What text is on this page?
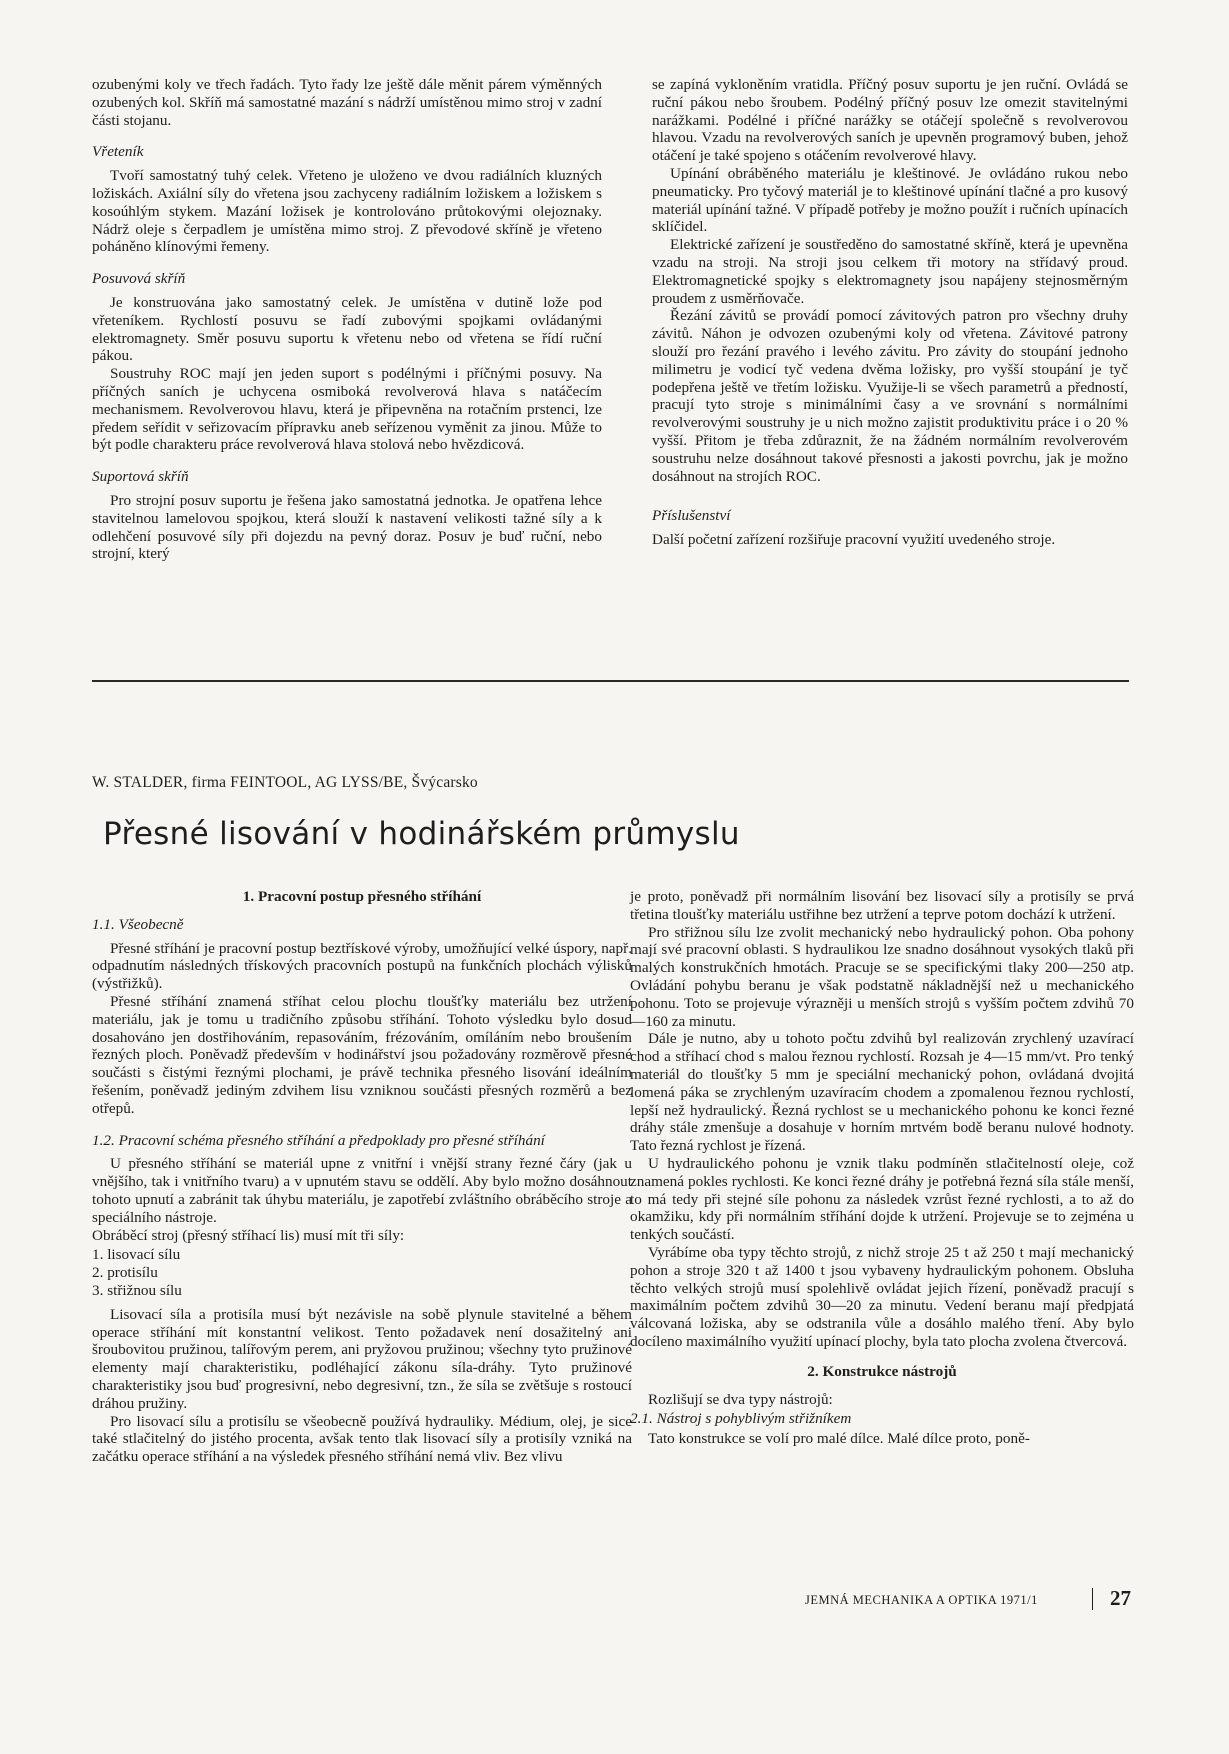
ozubenými koly ve třech řadách. Tyto řady lze ještě dále měnit párem výměnných ozubených kol. Skříň má samostatné mazání s nádrží umístěnou mimo stroj v zadní části stojanu.

Vřeteník

Tvoří samostatný tuhý celek. Vřeteno je uloženo ve dvou radiálních kluzných ložiskách. Axiální síly do vřetena jsou zachyceny radiálním ložiskem a ložiskem s kosoúhlým stykem. Mazání ložisek je kontrolováno průtokovými olejoznaky. Nádrž oleje s čerpadlem je umístěna mimo stroj. Z převodové skříně je vřeteno poháněno klínovými řemeny.

Posuvová skříň

Je konstruována jako samostatný celek. Je umístěna v dutině lože pod vřeteníkem. Rychlostí posuvu se řadí zubovými spojkami ovládanými elektromagnety. Směr posuvu suportu k vřetenu nebo od vřetena se řídí ruční pákou.

Soustruhy ROC mají jen jeden suport s podélnými i příčnými posuvy. Na příčných saních je uchycena osmiboká revolverová hlava s natáčecím mechanismem. Revolverovou hlavu, která je připevněna na rotačním prstenci, lze předem seřídit v seřizovacím přípravku aneb seřízenou vyměnit za jinou. Může to být podle charakteru práce revolverová hlava stolová nebo hvězdicová.

Suportová skříň

Pro strojní posuv suportu je řešena jako samostatná jednotka. Je opatřena lehce stavitelnou lamelovou spojkou, která slouží k nastavení velikosti tažné síly a k odlehčení posuvové síly při dojezdu na pevný doraz. Posuv je buď ruční, nebo strojní, který

se zapíná vykloněním vratidla. Příčný posuv suportu je jen ruční. Ovládá se ruční pákou nebo šroubem. Podélný příčný posuv lze omezit stavitelnými narážkami. Podélné i příčné narážky se otáčejí společně s revolverovou hlavou. Vzadu na revolverových saních je upevněn programový buben, jehož otáčení je také spojeno s otáčením revolverové hlavy.

Upínání obráběného materiálu je kleštinové. Je ovládáno rukou nebo pneumaticky. Pro tyčový materiál je to kleštinové upínání tlačné a pro kusový materiál upínání tažné. V případě potřeby je možno použít i ručních upínacích sklíčidel.

Elektrické zařízení je soustředěno do samostatné skříně, která je upevněna vzadu na stroji. Na stroji jsou celkem tři motory na střídavý proud. Elektromagnetické spojky s elektromagnety jsou napájeny stejnosměrným proudem z usměrňovače.

Řezání závitů se provádí pomocí závitových patron pro všechny druhy závitů. Náhon je odvozen ozubenými koly od vřetena. Závitové patrony slouží pro řezání pravého i levého závitu. Pro závity do stoupání jednoho milimetru je vodicí tyč vedena dvěma ložisky, pro vyšší stoupání je tyč podepřena ještě ve třetím ložisku. Využije-li se všech parametrů a předností, pracují tyto stroje s minimálními časy a ve srovnání s normálními revolverovými soustruhy je u nich možno zajistit produktivitu práce i o 20 % vyšší. Přitom je třeba zdůraznit, že na žádném normálním revolverovém soustruhu nelze dosáhnout takové přesnosti a jakosti povrchu, jak je možno dosáhnout na strojích ROC.

Příslušenství

Další početní zařízení rozšiřuje pracovní využití uvedeného stroje.

W. STALDER, firma FEINTOOL, AG LYSS/BE, Švýcarsko
Přesné lisování v hodinářském průmyslu
1. Pracovní postup přesného stříhání
1.1. Všeobecně

Přesné stříhání je pracovní postup beztřískové výroby, umožňující velké úspory, např. odpadnutím následných třískových pracovních postupů na funkčních plochách výlisků (výstřižků).

Přesné stříhání znamená stříhat celou plochu tloušťky materiálu bez utržení materiálu, jak je tomu u tradičního způsobu stříhání. Tohoto výsledku bylo dosud dosahováno jen dostřihováním, repasováním, frézováním, omíláním nebo broušením řezných ploch. Poněvadž především v hodinářství jsou požadovány rozměrově přesné součásti s čistými řeznými plochami, je právě technika přesného lisování ideálním řešením, poněvadž jediným zdvihem lisu vzniknou součásti přesných rozměrů a bez otřepů.

1.2. Pracovní schéma přesného stříhání a předpoklady pro přesné stříhání

U přesného stříhání se materiál upne z vnitřní i vnější strany řezné čáry (jak u vnějšího, tak i vnitřního tvaru) a v upnutém stavu se oddělí. Aby bylo možno dosáhnout tohoto upnutí a zabránit tak úhybu materiálu, je zapotřebí zvláštního obráběcího stroje a speciálního nástroje.

Obráběcí stroj (přesný stříhací lis) musí mít tři síly:

1. lisovací sílu
2. protisílu
3. střižnou sílu

Lisovací síla a protisíla musí být nezávisle na sobě plynule stavitelné a během operace stříhání mít konstantní velikost. Tento požadavek není dosažitelný ani šroubovitou pružinou, talířovým perem, ani pryžovou pružinou; všechny tyto pružinové elementy mají charakteristiku, podléhající zákonu síla-dráhy. Tyto pružinové charakteristiky jsou buď progresivní, nebo degresivní, tzn., že síla se zvětšuje s rostoucí dráhou pružiny.

Pro lisovací sílu a protisílu se všeobecně používá hydrauliky. Médium, olej, je sice také stlačitelný do jistého procenta, avšak tento tlak lisovací síly a protisíly vzniká na začátku operace stříhání a na výsledek přesného stříhání nemá vliv. Bez vlivu

je proto, poněvadž při normálním lisování bez lisovací síly a protisíly se prvá třetina tloušťky materiálu ustřihne bez utržení a teprve potom dochází k utržení.

Pro střižnou sílu lze zvolit mechanický nebo hydraulický pohon. Oba pohony mají své pracovní oblasti. S hydraulikou lze snadno dosáhnout vysokých tlaků při malých konstrukčních hmotách. Pracuje se se specifickými tlaky 200—250 atp. Ovládání pohybu beranu je však podstatně nákladnější než u mechanického pohonu. Toto se projevuje výrazněji u menších strojů s vyšším počtem zdvihů 70—160 za minutu.

Dále je nutno, aby u tohoto počtu zdvihů byl realizován zrychlený uzavírací chod a stříhací chod s malou řeznou rychlostí. Rozsah je 4—15 mm/vt. Pro tenký materiál do tloušťky 5 mm je speciální mechanický pohon, ovládaná dvojitá lomená páka se zrychleným uzavíracím chodem a zpomalenou řeznou rychlostí, lepší než hydraulický. Řezná rychlost se u mechanického pohonu ke konci řezné dráhy stále zmenšuje a dosahuje v horním mrtvém bodě beranu nulové hodnoty. Tato řezná rychlost je řízená.

U hydraulického pohonu je vznik tlaku podmíněn stlačitelností oleje, což znamená pokles rychlosti. Ke konci řezné dráhy je potřebná řezná síla stále menší, to má tedy při stejné síle pohonu za následek vzrůst řezné rychlosti, a to až do okamžiku, kdy při normálním stříhání dojde k utržení. Projevuje se to zejména u tenkých součástí.

Vyrábíme oba typy těchto strojů, z nichž stroje 25 t až 250 t mají mechanický pohon a stroje 320 t až 1400 t jsou vybaveny hydraulickým pohonem. Obsluha těchto velkých strojů musí spolehlivě ovládat jejich řízení, poněvadž pracují s maximálním počtem zdvihů 30—20 za minutu. Vedení beranu mají předpjatá válcovaná ložiska, aby se odstranila vůle a dosáhlo malého tření. Aby bylo docíleno maximálního využití upínací plochy, byla tato plocha zvolena čtvercová.

2. Konstrukce nástrojů

Rozlišují se dva typy nástrojů:

2.1. Nástroj s pohyblivým střižníkem

Tato konstrukce se volí pro malé dílce. Malé dílce proto, poně-

JEMNÁ MECHANIKA A OPTIKA 1971/1	27
